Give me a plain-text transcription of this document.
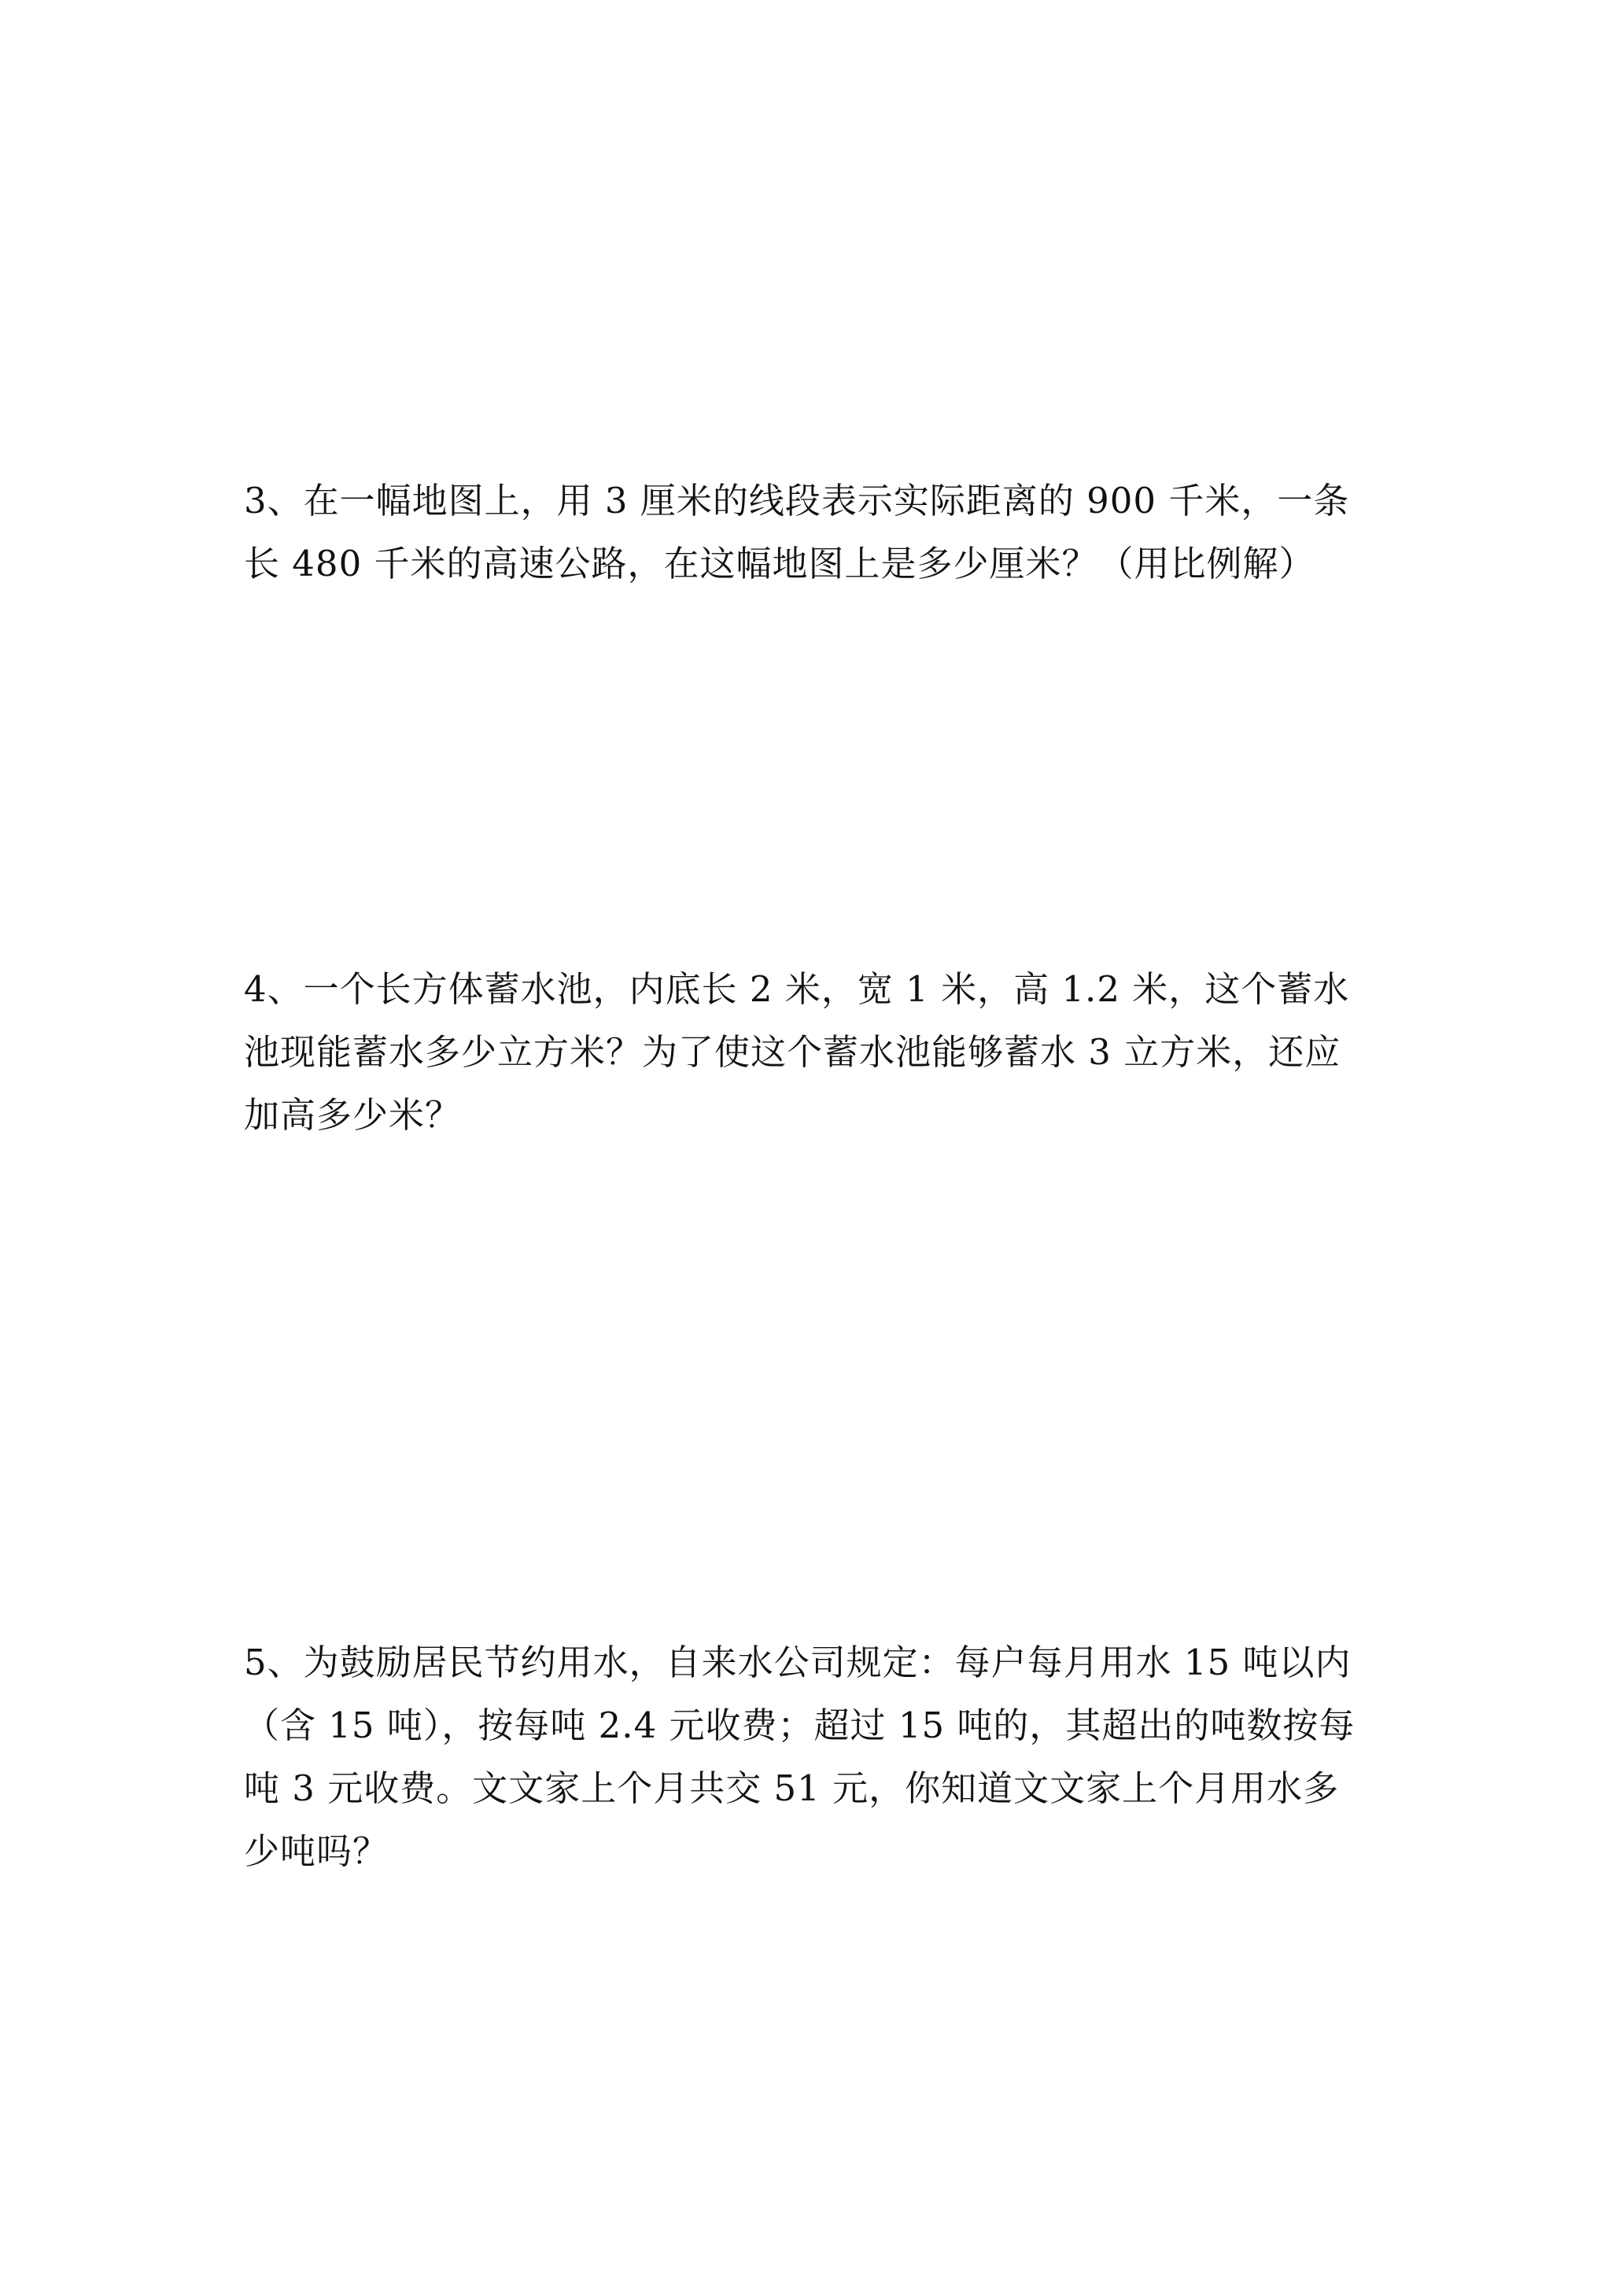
3、在一幅地图上，用 3 厘米的线段表示实际距离的 900 千米，一条
长 480 千米的高速公路，在这幅地图上是多少厘米？（用比例解）

4、一个长方体蓄水池，内底长 2 米，宽 1 米，高 1.2 米，这个蓄水
池现能蓄水多少立方米？为了使这个蓄水池能够蓄水 3 立方米，还应
加高多少米？

5、为鼓励居民节约用水，自来水公司规定：每户每月用水 15 吨以内
（含 15 吨），按每吨 2.4 元收费；超过 15 吨的，其超出的吨数按每
吨 3 元收费。文文家上个月共交 51 元，你知道文文家上个月用水多
少吨吗？
